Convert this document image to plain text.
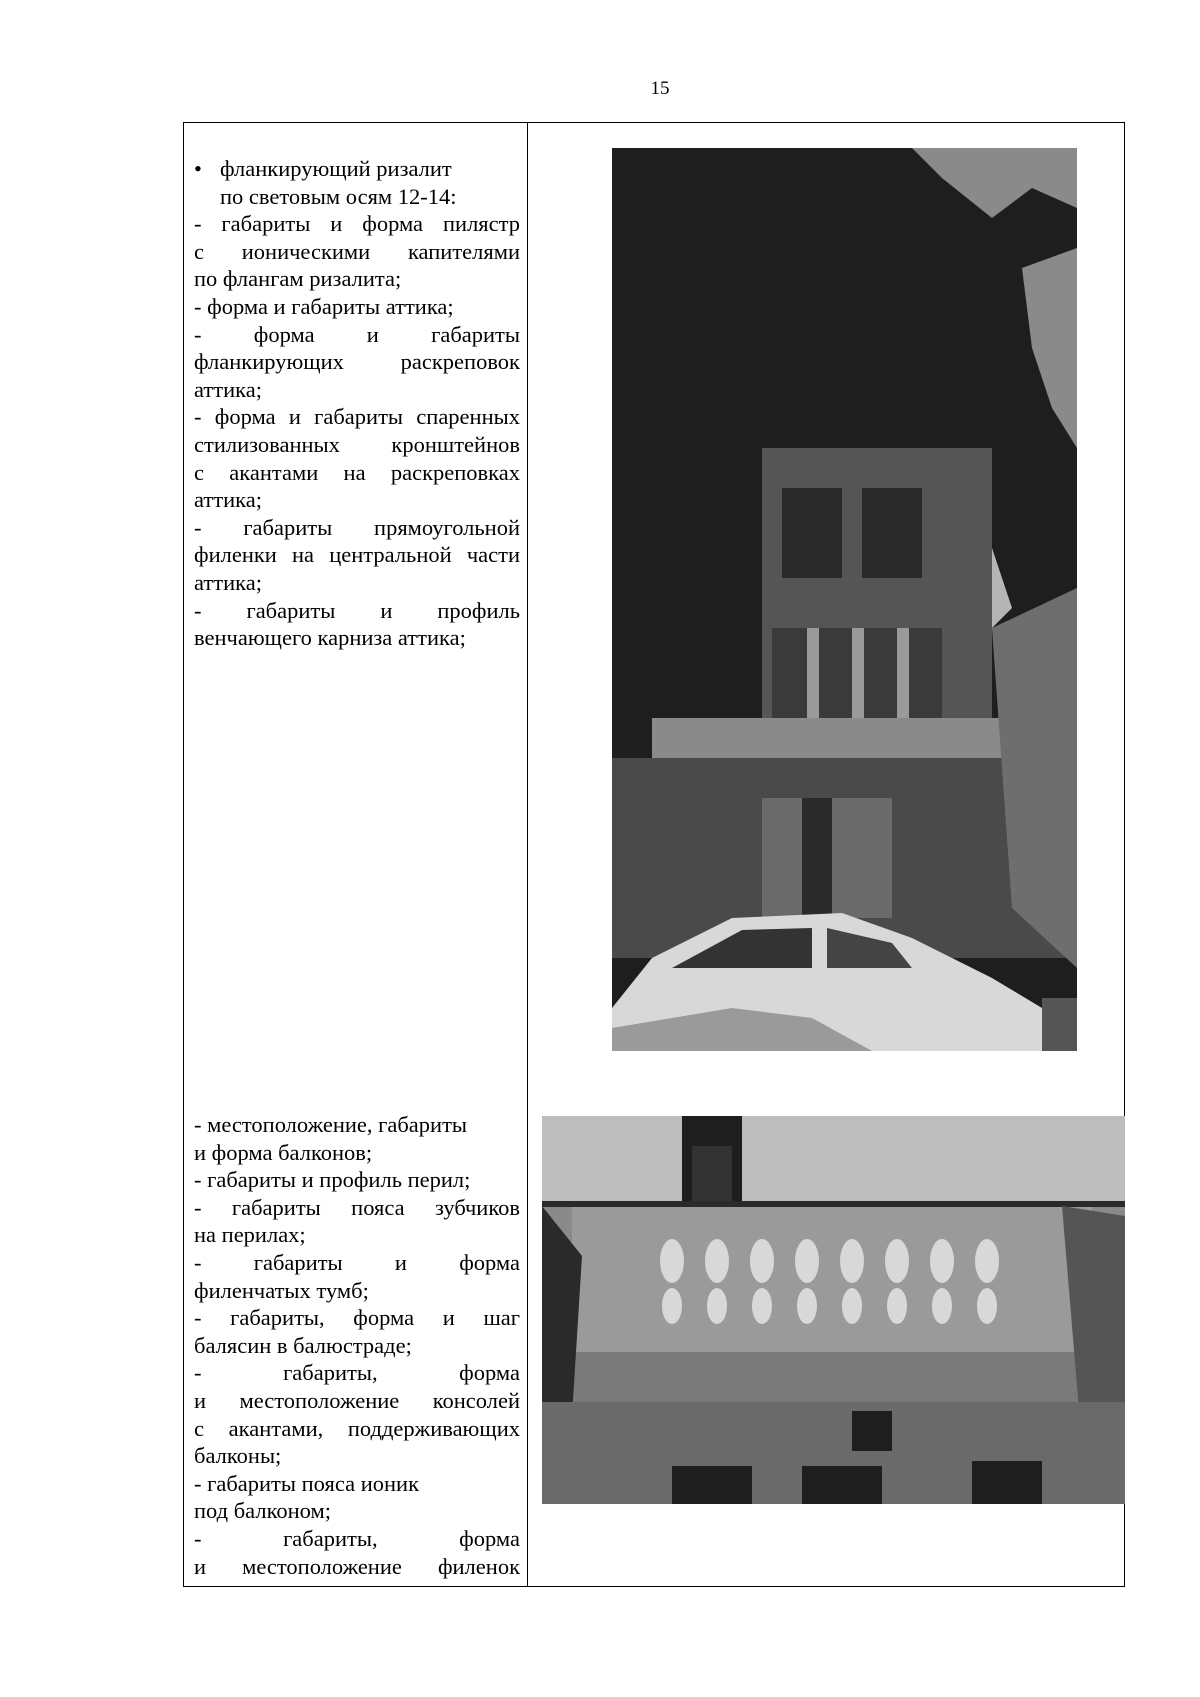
15
• фланкирующий ризалит
по световым осям 12-14:
- габариты и форма пилястр
с ионическими капителями
по флангам ризалита;
- форма и габариты аттика;
- форма и габариты
фланкирующих раскреповок
аттика;
- форма и габариты спаренных
стилизованных кронштейнов
с акантами на раскреповках
аттика;
- габариты прямоугольной
филенки на центральной части
аттика;
- габариты и профиль
венчающего карниза аттика;
- местоположение, габариты
и форма балконов;
- габариты и профиль перил;
- габариты пояса зубчиков
на перилах;
- габариты и форма
филенчатых тумб;
- габариты, форма и шаг
балясин в балюстраде;
- габариты, форма
и местоположение консолей
с акантами, поддерживающих
балконы;
- габариты пояса ионик
под балконом;
- габариты, форма
и местоположение филенок
